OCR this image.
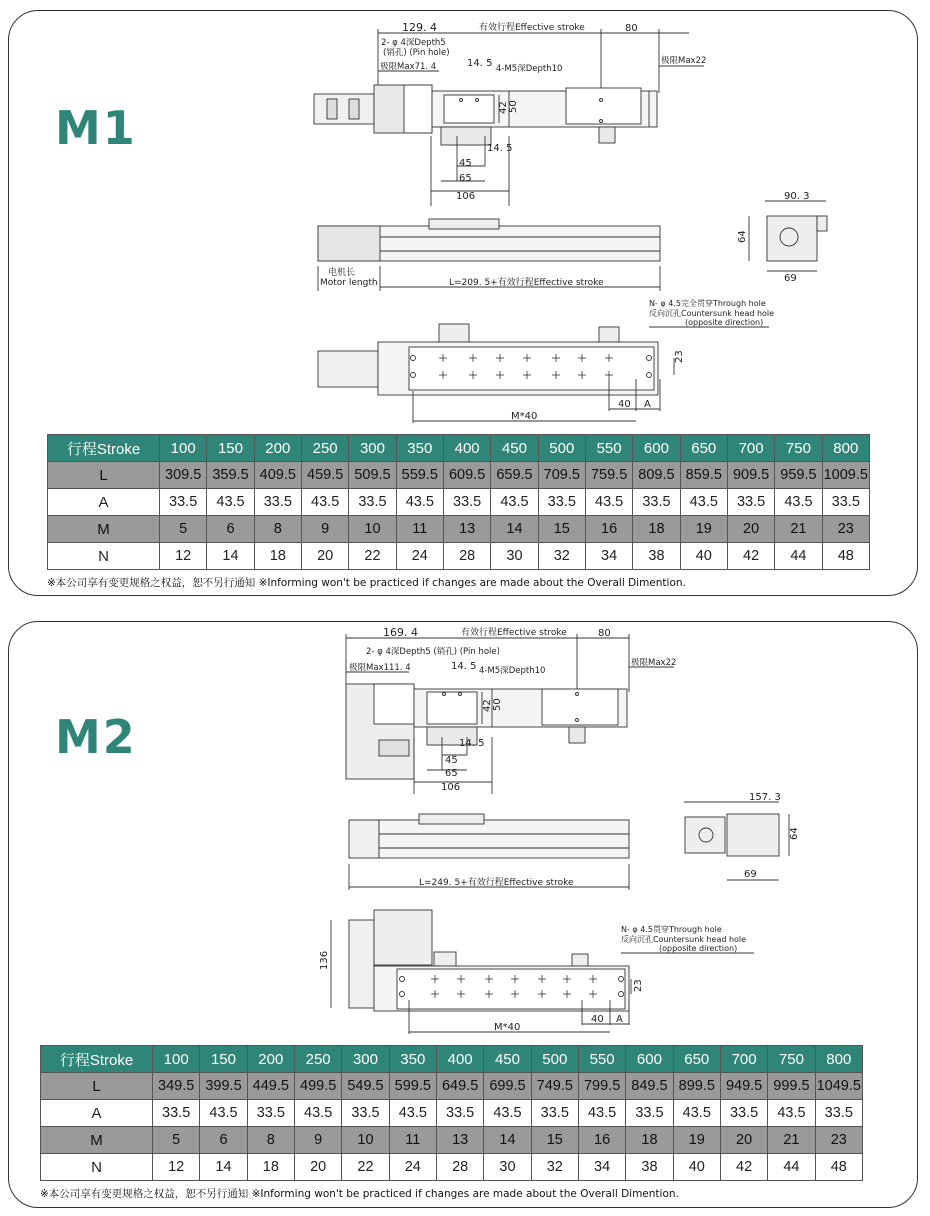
M1
129. 4	有效行程Effective stroke	80
2- φ 4深Depth5
(销孔) (Pin hole)
极限Max71. 4	14. 5 4-M5深Depth10
极限Max22
42 50
14. 5
45
65
106
电机长
Motor length	L=209. 5+有效行程Effective stroke
90. 3
64
69
N- φ 4.5完全贯穿Through hole
反向沉孔Countersunk head hole
(opposite direction)
23
40 A
M*40
行程Stroke	100	150	200	250	300	350	400	450	500	550	600	650	700	750	800
L	309.5	359.5	409.5	459.5	509.5	559.5	609.5	659.5	709.5	759.5	809.5	859.5	909.5	959.5	1009.5
A	33.5	43.5	33.5	43.5	33.5	43.5	33.5	43.5	33.5	43.5	33.5	43.5	33.5	43.5	33.5
M	5	6	8	9	10	11	13	14	15	16	18	19	20	21	23
N	12	14	18	20	22	24	28	30	32	34	38	40	42	44	48
※本公司享有变更规格之权益，恕不另行通知 ※Informing won't be practiced if changes are made about the Overall Dimention.
M2
169. 4	有效行程Effective stroke	80
2- φ 4深Depth5 (销孔) (Pin hole)
极限Max111. 4	14. 5 4-M5深Depth10
极限Max22
42 50
14. 5
45
65
106
L=249. 5+有效行程Effective stroke
157. 3
64
69
N- φ 4.5贯穿Through hole
反向沉孔Countersunk head hole
(opposite direction)
136
23
40 A
M*40
行程Stroke	100	150	200	250	300	350	400	450	500	550	600	650	700	750	800
L	349.5	399.5	449.5	499.5	549.5	599.5	649.5	699.5	749.5	799.5	849.5	899.5	949.5	999.5	1049.5
A	33.5	43.5	33.5	43.5	33.5	43.5	33.5	43.5	33.5	43.5	33.5	43.5	33.5	43.5	33.5
M	5	6	8	9	10	11	13	14	15	16	18	19	20	21	23
N	12	14	18	20	22	24	28	30	32	34	38	40	42	44	48
※本公司享有变更规格之权益，恕不另行通知 ※Informing won't be practiced if changes are made about the Overall Dimention.
